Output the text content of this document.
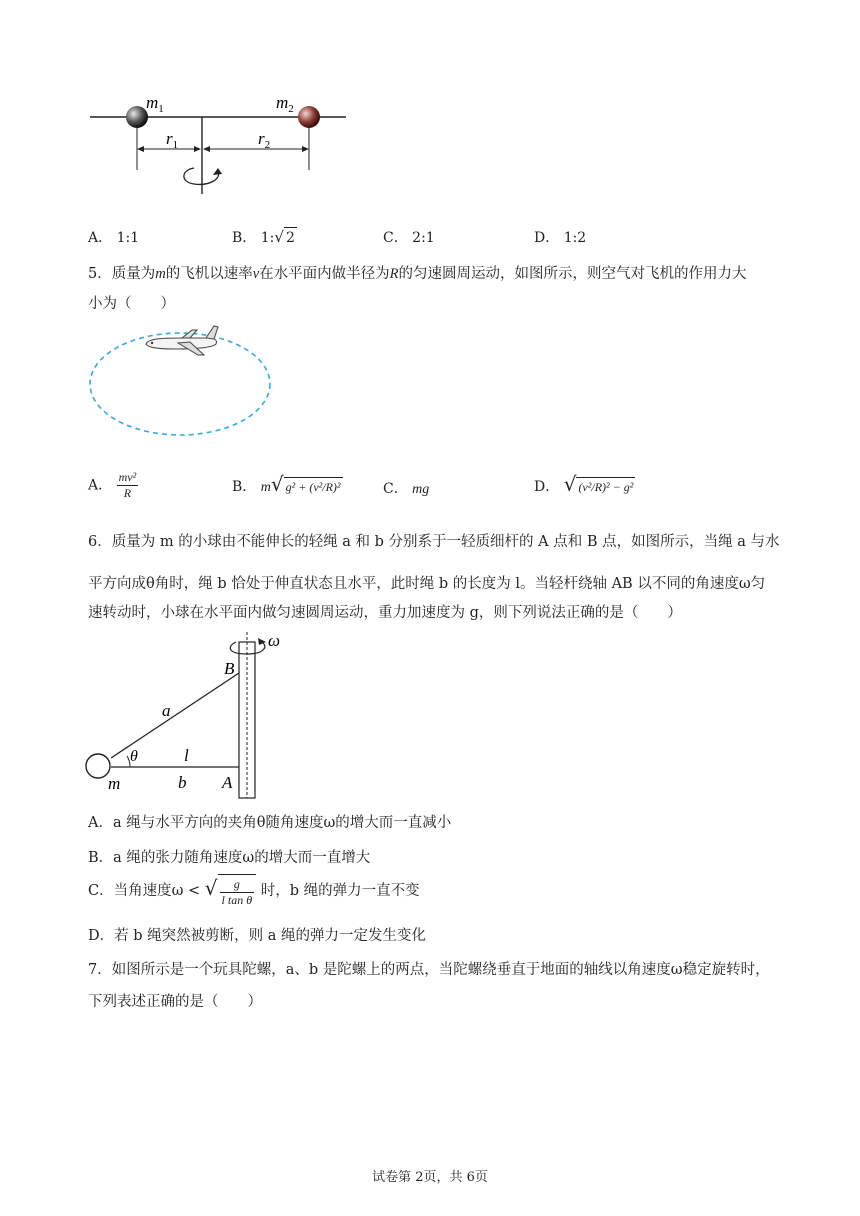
$m_1$	$m_2$
$r_1$	$r_2$
A． 1:1	B． 1:√ 2	C． 2:1	D． 1:2
5．质量为m的飞机以速率v在水平面内做半径为R的匀速圆周运动，如图所示，则空气对飞机的作用力大
小为（　　）
A． $\frac{\text{mv²}}{R}$	B． m√ g² + (v²/R)²	C． mg	D． √ (v²/R)² − g²
6．质量为 m 的小球由不能伸长的轻绳 a 和 b 分别系于一轻质细杆的 A 点和 B 点，如图所示，当绳 a 与水
平方向成θ角时，绳 b 恰处于伸直状态且水平，此时绳 b 的长度为 l。当轻杆绕轴 AB 以不同的角速度ω匀
速转动时，小球在水平面内做匀速圆周运动，重力加速度为 g，则下列说法正确的是（　　）
ω
B
A
a
θ	l
m	b
A．a 绳与水平方向的夹角θ随角速度ω的增大而一直减小
B．a 绳的张力随角速度ω的增大而一直增大
C．当角速度ω < √ $\frac{g}{\text{l tan θ}}$ 时，b 绳的弹力一直不变
D．若 b 绳突然被剪断，则 a 绳的弹力一定发生变化
7．如图所示是一个玩具陀螺，a、b 是陀螺上的两点，当陀螺绕垂直于地面的轴线以角速度ω稳定旋转时，
下列表述正确的是（　　）
试卷第 2页，共 6页
